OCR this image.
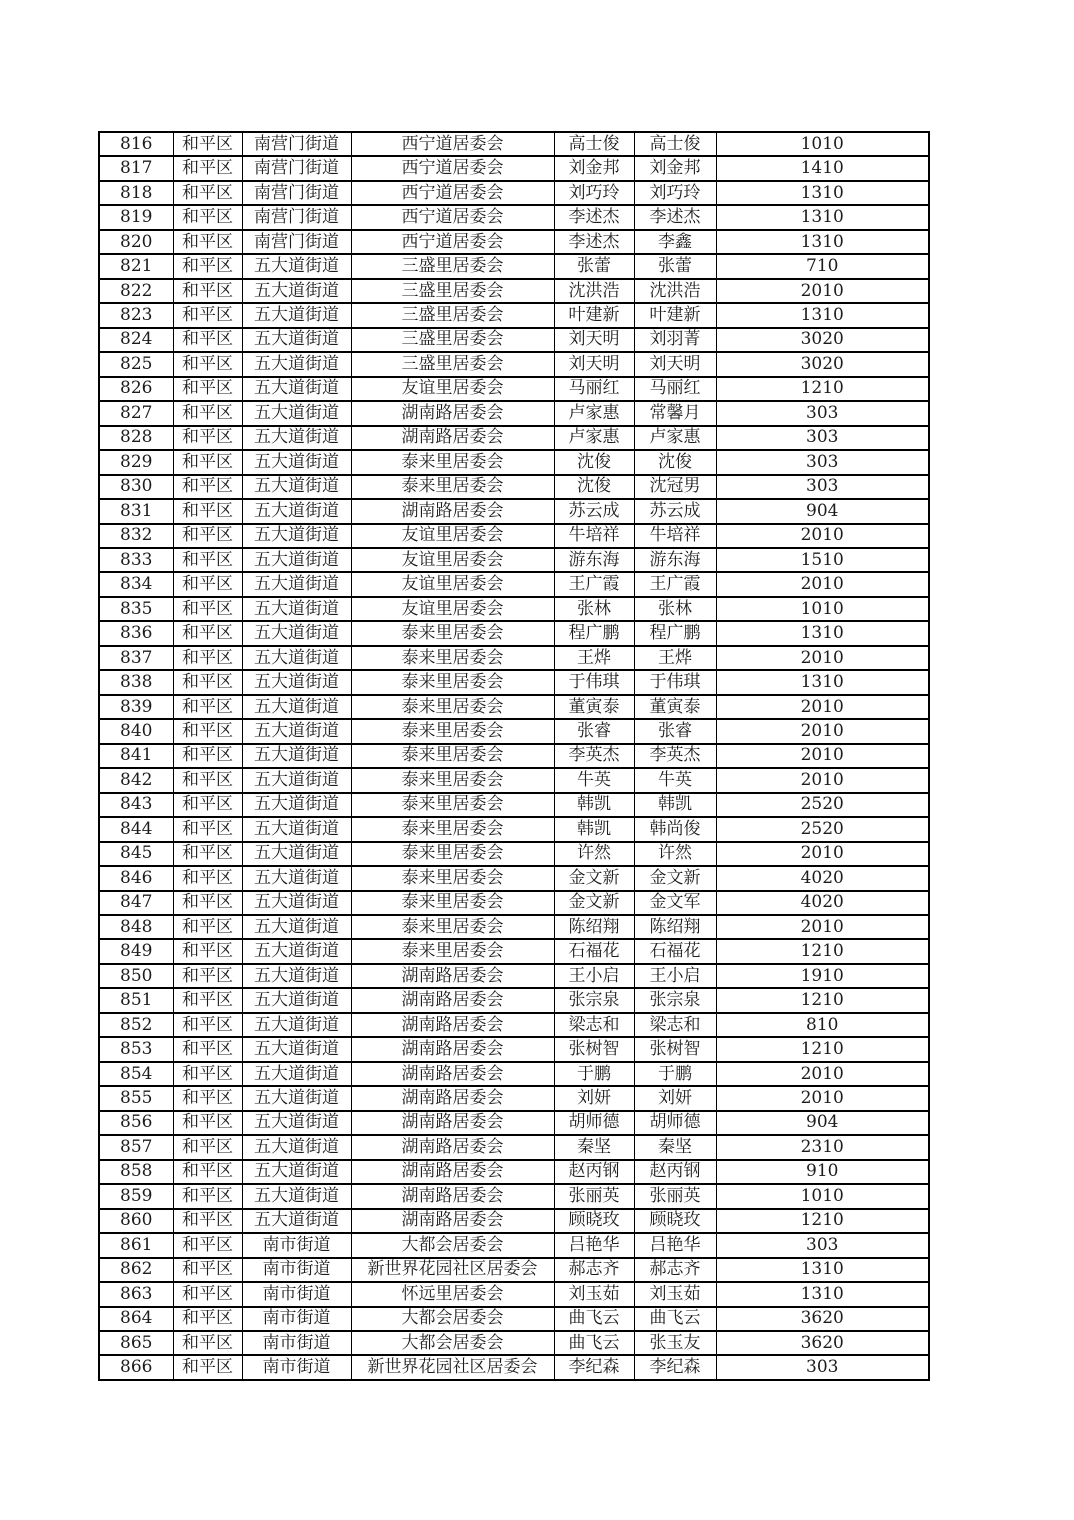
816	和平区	南营门街道	西宁道居委会	高士俊	高士俊	1010
817	和平区	南营门街道	西宁道居委会	刘金邦	刘金邦	1410
818	和平区	南营门街道	西宁道居委会	刘巧玲	刘巧玲	1310
819	和平区	南营门街道	西宁道居委会	李述杰	李述杰	1310
820	和平区	南营门街道	西宁道居委会	李述杰	李鑫	1310
821	和平区	五大道街道	三盛里居委会	张蕾	张蕾	710
822	和平区	五大道街道	三盛里居委会	沈洪浩	沈洪浩	2010
823	和平区	五大道街道	三盛里居委会	叶建新	叶建新	1310
824	和平区	五大道街道	三盛里居委会	刘天明	刘羽菁	3020
825	和平区	五大道街道	三盛里居委会	刘天明	刘天明	3020
826	和平区	五大道街道	友谊里居委会	马丽红	马丽红	1210
827	和平区	五大道街道	湖南路居委会	卢家惠	常馨月	303
828	和平区	五大道街道	湖南路居委会	卢家惠	卢家惠	303
829	和平区	五大道街道	泰来里居委会	沈俊	沈俊	303
830	和平区	五大道街道	泰来里居委会	沈俊	沈冠男	303
831	和平区	五大道街道	湖南路居委会	苏云成	苏云成	904
832	和平区	五大道街道	友谊里居委会	牛培祥	牛培祥	2010
833	和平区	五大道街道	友谊里居委会	游东海	游东海	1510
834	和平区	五大道街道	友谊里居委会	王广霞	王广霞	2010
835	和平区	五大道街道	友谊里居委会	张林	张林	1010
836	和平区	五大道街道	泰来里居委会	程广鹏	程广鹏	1310
837	和平区	五大道街道	泰来里居委会	王烨	王烨	2010
838	和平区	五大道街道	泰来里居委会	于伟琪	于伟琪	1310
839	和平区	五大道街道	泰来里居委会	董寅泰	董寅泰	2010
840	和平区	五大道街道	泰来里居委会	张睿	张睿	2010
841	和平区	五大道街道	泰来里居委会	李英杰	李英杰	2010
842	和平区	五大道街道	泰来里居委会	牛英	牛英	2010
843	和平区	五大道街道	泰来里居委会	韩凯	韩凯	2520
844	和平区	五大道街道	泰来里居委会	韩凯	韩尚俊	2520
845	和平区	五大道街道	泰来里居委会	许然	许然	2010
846	和平区	五大道街道	泰来里居委会	金文新	金文新	4020
847	和平区	五大道街道	泰来里居委会	金文新	金文军	4020
848	和平区	五大道街道	泰来里居委会	陈绍翔	陈绍翔	2010
849	和平区	五大道街道	泰来里居委会	石福花	石福花	1210
850	和平区	五大道街道	湖南路居委会	王小启	王小启	1910
851	和平区	五大道街道	湖南路居委会	张宗泉	张宗泉	1210
852	和平区	五大道街道	湖南路居委会	梁志和	梁志和	810
853	和平区	五大道街道	湖南路居委会	张树智	张树智	1210
854	和平区	五大道街道	湖南路居委会	于鹏	于鹏	2010
855	和平区	五大道街道	湖南路居委会	刘妍	刘妍	2010
856	和平区	五大道街道	湖南路居委会	胡师德	胡师德	904
857	和平区	五大道街道	湖南路居委会	秦坚	秦坚	2310
858	和平区	五大道街道	湖南路居委会	赵丙钢	赵丙钢	910
859	和平区	五大道街道	湖南路居委会	张丽英	张丽英	1010
860	和平区	五大道街道	湖南路居委会	顾晓玫	顾晓玫	1210
861	和平区	南市街道	大都会居委会	吕艳华	吕艳华	303
862	和平区	南市街道	新世界花园社区居委会	郝志齐	郝志齐	1310
863	和平区	南市街道	怀远里居委会	刘玉茹	刘玉茹	1310
864	和平区	南市街道	大都会居委会	曲飞云	曲飞云	3620
865	和平区	南市街道	大都会居委会	曲飞云	张玉友	3620
866	和平区	南市街道	新世界花园社区居委会	李纪森	李纪森	303
